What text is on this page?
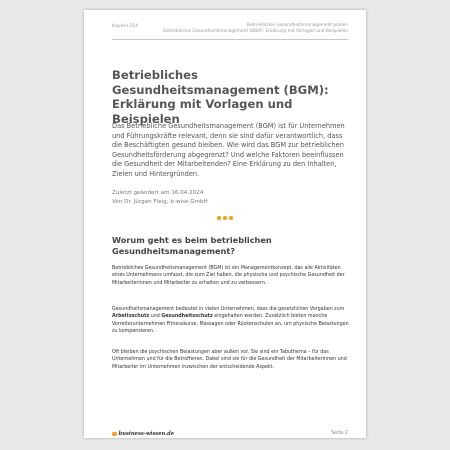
Kapitel 214	Betriebliches Gesundheitsmanagement planen
Betriebliches Gesundheitsmanagement (BGM): Erklärung mit Vorlagen und Beispielen
Betriebliches Gesundheitsmanagement (BGM): Erklärung mit Vorlagen und Beispielen

Das Betriebliche Gesundheitsmanagement (BGM) ist für Unternehmen und Führungskräfte relevant, denn sie sind dafür verantwortlich, dass die Beschäftigten gesund bleiben. Wie wird das BGM zur betrieblichen Gesundheitsförderung abgegrenzt? Und welche Faktoren beeinflussen die Gesundheit der Mitarbeitenden? Eine Erklärung zu den Inhalten, Zielen und Hintergründen.

Zuletzt geändert am 16.04.2024
Von Dr. Jürgen Fleig, b-wise GmbH
Worum geht es beim betrieblichen Gesundheitsmanagement?

Betriebliches Gesundheitsmanagement (BGM) ist ein Managementkonzept, das alle Aktivitäten eines Unternehmens umfasst, die zum Ziel haben, die physische und psychische Gesundheit der Mitarbeiterinnen und Mitarbeiter zu erhalten und zu verbessern.

Gesundheitsmanagement bedeutet in vielen Unternehmen, dass die gesetzlichen Vorgaben zum Arbeitsschutz und Gesundheitsschutz eingehalten werden. Zusätzlich bieten manche Vorreiterunternehmen Fitnesskurse, Massagen oder Rückenschulen an, um physische Belastungen zu kompensieren.

Oft bleiben die psychischen Belastungen aber außen vor. Sie sind ein Tabuthema – für das Unternehmen und für die Betroffenen. Dabei sind sie für die Gesundheit der Mitarbeiterinnen und Mitarbeiter im Unternehmen inzwischen der entscheidende Aspekt.

business-wissen.de	Seite 2
